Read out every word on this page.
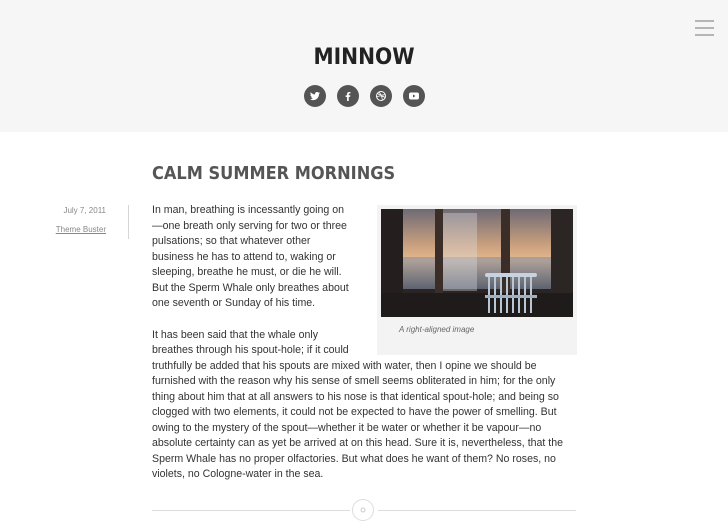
MINNOW
CALM SUMMER MORNINGS
July 7, 2011
Theme Buster

In man, breathing is incessantly going on—one breath only serving for two or three pulsations; so that whatever other business he has to attend to, waking or sleeping, breathe he must, or die he will. But the Sperm Whale only breathes about one seventh or Sunday of his time.

It has been said that the whale only breathes through his spout-hole; if it could truthfully be added that his spouts are mixed with water, then I opine we should be furnished with the reason why his sense of smell seems obliterated in him; for the only thing about him that at all answers to his nose is that identical spout-hole; and being so clogged with two elements, it could not be expected to have the power of smelling. But owing to the mystery of the spout—whether it be water or whether it be vapour—no absolute certainty can as yet be arrived at on this head. Sure it is, nevertheless, that the Sperm Whale has no proper olfactories. But what does he want of them? No roses, no violets, no Cologne-water in the sea.

A right-aligned image
